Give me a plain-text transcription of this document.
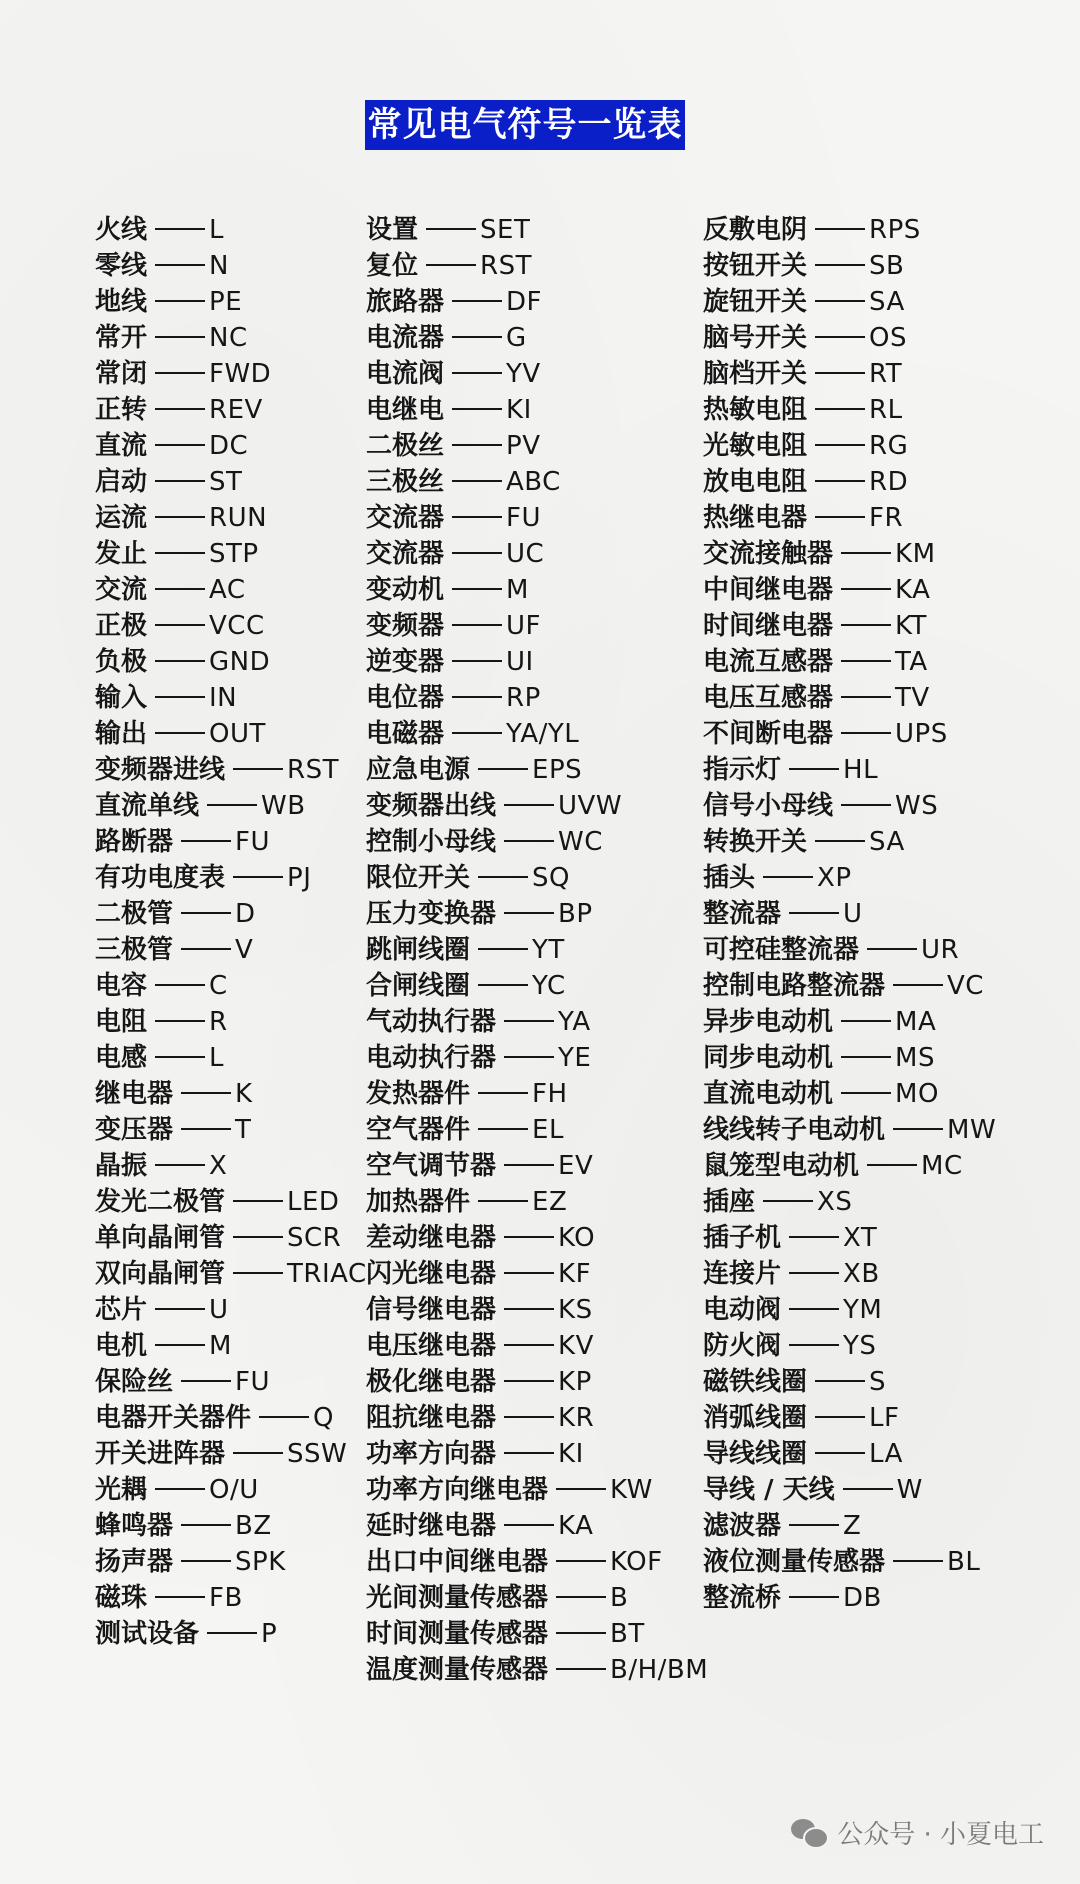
常见电气符号一览表
火线 L
零线 N
地线 PE
常开 NC
常闭 FWD
正转 REV
直流 DC
启动 ST
运流 RUN
发止 STP
交流 AC
正极 VCC
负极 GND
输入 IN
输出 OUT
变频器进线 RST
直流单线 WB
路断器 FU
有功电度表 PJ
二极管 D
三极管 V
电容 C
电阻 R
电感 L
继电器 K
变压器 T
晶振 X
发光二极管 LED
单向晶闸管 SCR
双向晶闸管 TRIAC
芯片 U
电机 M
保险丝 FU
电器开关器件 Q
开关进阵器 SSW
光耦 O/U
蜂鸣器 BZ
扬声器 SPK
磁珠 FB
测试设备 P
设置 SET
复位 RST
旅路器 DF
电流器 G
电流阀 YV
电继电 KI
二极丝 PV
三极丝 ABC
交流器 FU
交流器 UC
变动机 M
变频器 UF
逆变器 UI
电位器 RP
电磁器 YA/YL
应急电源 EPS
变频器出线 UVW
控制小母线 WC
限位开关 SQ
压力变换器 BP
跳闸线圈 YT
合闸线圈 YC
气动执行器 YA
电动执行器 YE
发热器件 FH
空气器件 EL
空气调节器 EV
加热器件 EZ
差动继电器 KO
闪光继电器 KF
信号继电器 KS
电压继电器 KV
极化继电器 KP
阻抗继电器 KR
功率方向器 KI
功率方向继电器 KW
延时继电器 KA
出口中间继电器 KOF
光间测量传感器 B
时间测量传感器 BT
温度测量传感器 B/H/BM
反敷电阴 RPS
按钮开关 SB
旋钮开关 SA
脑号开关 OS
脑档开关 RT
热敏电阻 RL
光敏电阻 RG
放电电阻 RD
热继电器 FR
交流接触器 KM
中间继电器 KA
时间继电器 KT
电流互感器 TA
电压互感器 TV
不间断电器 UPS
指示灯 HL
信号小母线 WS
转换开关 SA
插头 XP
整流器 U
可控硅整流器 UR
控制电路整流器 VC
异步电动机 MA
同步电动机 MS
直流电动机 MO
线线转子电动机 MW
鼠笼型电动机 MC
插座 XS
插子机 XT
连接片 XB
电动阀 YM
防火阀 YS
磁铁线圈 S
消弧线圈 LF
导线线圈 LA
导线 / 天线 W
滤波器 Z
液位测量传感器 BL
整流桥 DB
公众号 · 小夏电工
